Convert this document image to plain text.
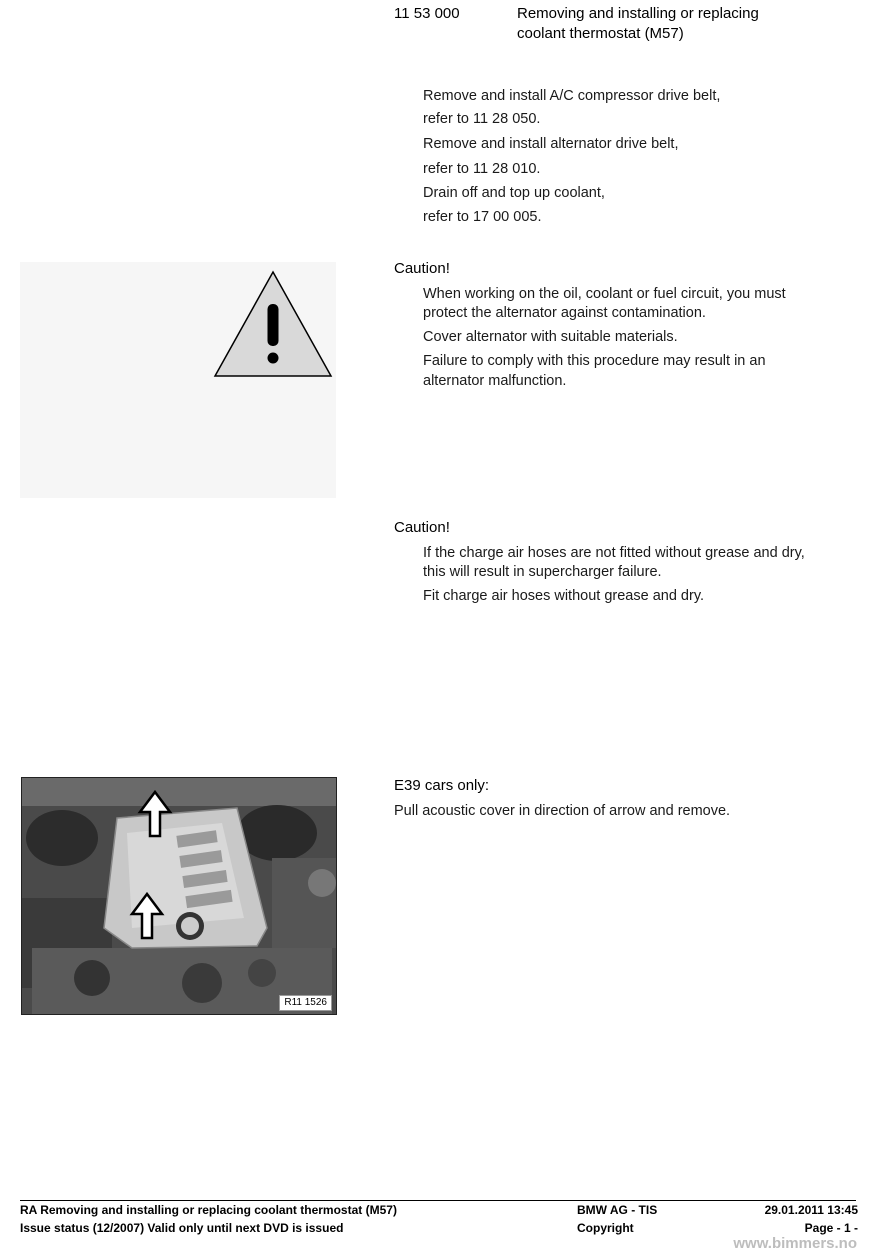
11 53 000	Removing and installing or replacing
coolant thermostat (M57)
Remove and install A/C compressor drive belt,
refer to 11 28 050.
Remove and install alternator drive belt,
refer to 11 28 010.
Drain off and top up coolant,
refer to 17 00 005.
Caution!
When working on the oil, coolant or fuel circuit, you must
protect the alternator against contamination.
Cover alternator with suitable materials.
Failure to comply with this procedure may result in an
alternator malfunction.
Caution!
If the charge air hoses are not fitted without grease and dry,
this will result in supercharger failure.
Fit charge air hoses without grease and dry.
R11 1526
E39 cars only:
Pull acoustic cover in direction of arrow and remove.
RA Removing and installing or replacing coolant thermostat (M57)
Issue status (12/2007) Valid only until next DVD is issued
BMW AG - TIS
Copyright
29.01.2011 13:45
Page - 1 -
www.bimmers.no
